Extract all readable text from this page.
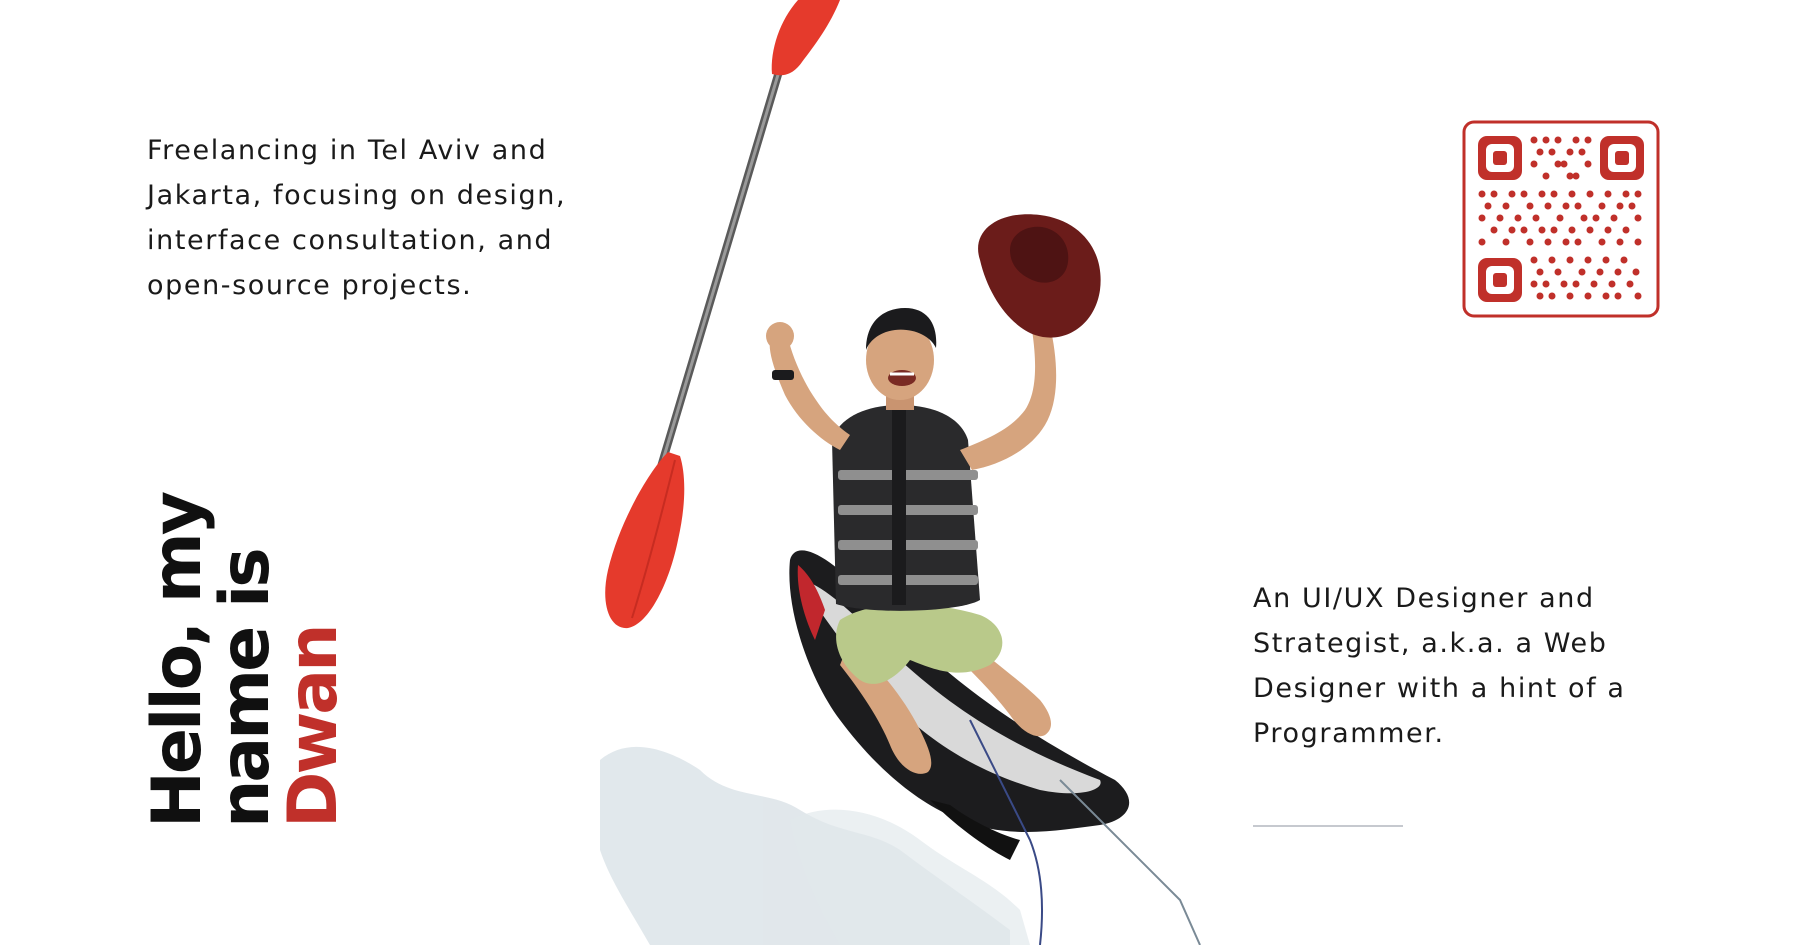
Freelancing in Tel Aviv and Jakarta, focusing on design, interface consultation, and open-source projects.

Hello, my
name is
Dwan

An UI/UX Designer and Strategist, a.k.a. a Web Designer with a hint of a Programmer.
